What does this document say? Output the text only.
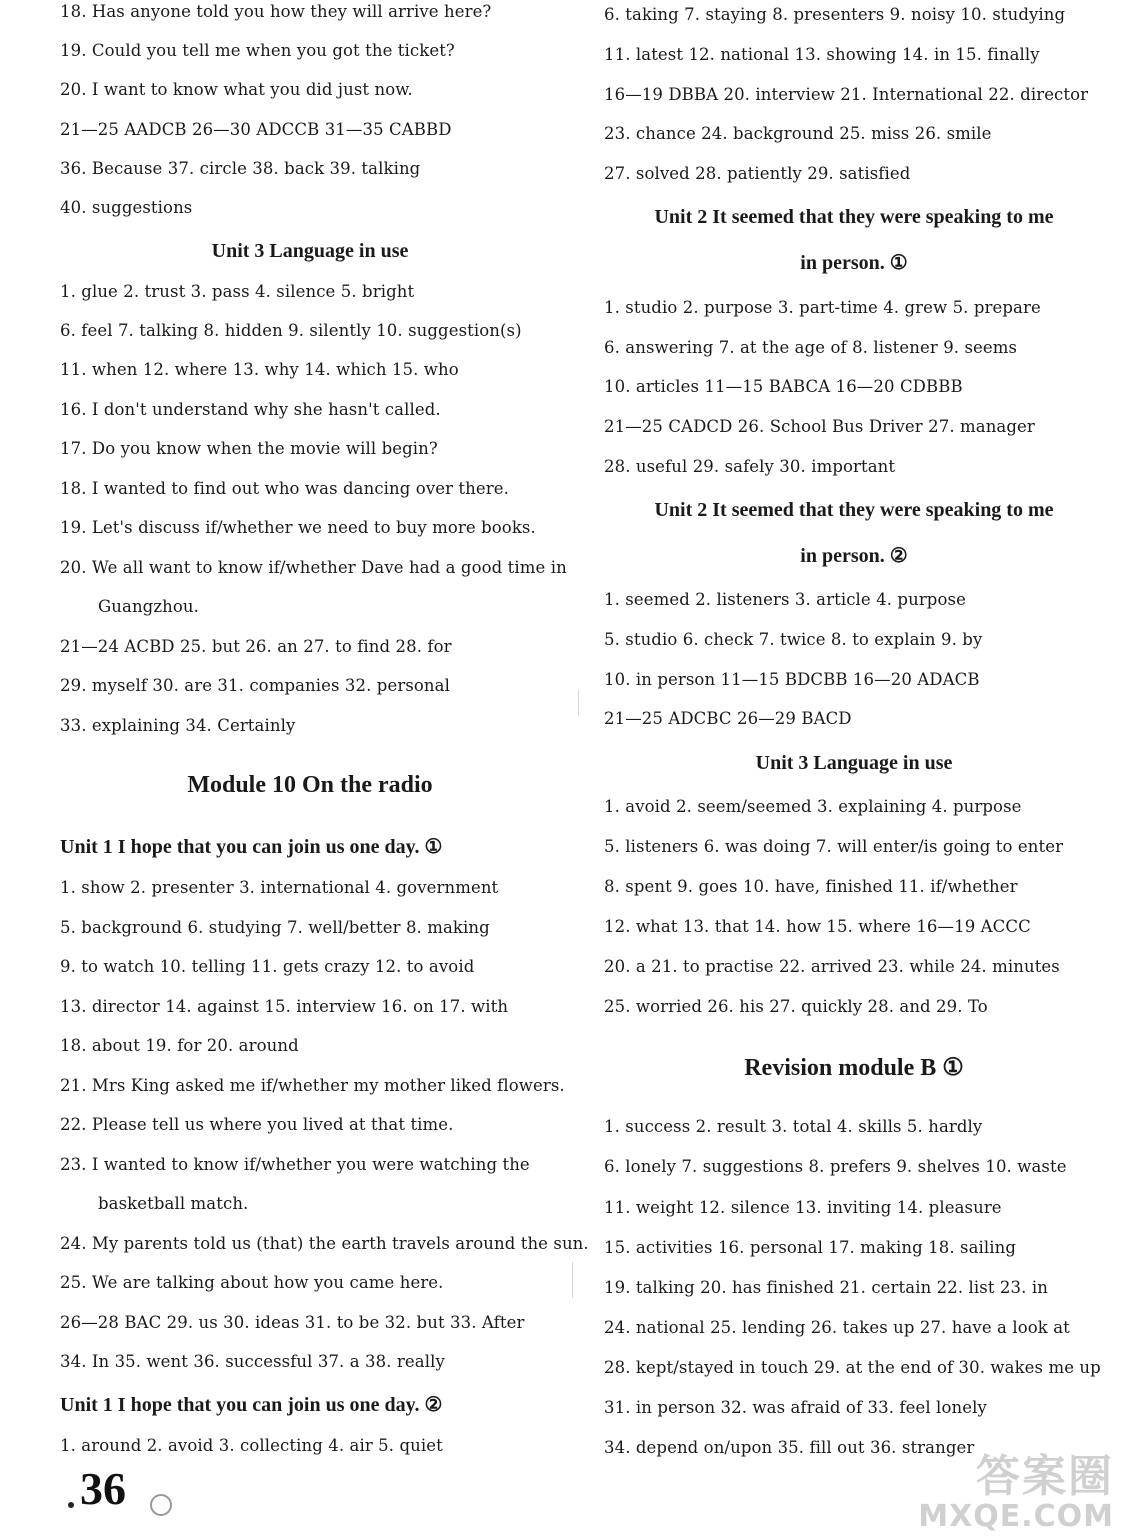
18. Has anyone told you how they will arrive here?
19. Could you tell me when you got the ticket?
20. I want to know what you did just now.
21—25 AADCB 26—30 ADCCB 31—35 CABBD
36. Because 37. circle 38. back 39. talking
40. suggestions
Unit 3 Language in use
1. glue 2. trust 3. pass 4. silence 5. bright
6. feel 7. talking 8. hidden 9. silently 10. suggestion(s)
11. when 12. where 13. why 14. which 15. who
16. I don't understand why she hasn't called.
17. Do you know when the movie will begin?
18. I wanted to find out who was dancing over there.
19. Let's discuss if/whether we need to buy more books.
20. We all want to know if/whether Dave had a good time in
Guangzhou.
21—24 ACBD 25. but 26. an 27. to find 28. for
29. myself 30. are 31. companies 32. personal
33. explaining 34. Certainly
Module 10 On the radio
Unit 1 I hope that you can join us one day. ①
1. show 2. presenter 3. international 4. government
5. background 6. studying 7. well/better 8. making
9. to watch 10. telling 11. gets crazy 12. to avoid
13. director 14. against 15. interview 16. on 17. with
18. about 19. for 20. around
21. Mrs King asked me if/whether my mother liked flowers.
22. Please tell us where you lived at that time.
23. I wanted to know if/whether you were watching the
basketball match.
24. My parents told us (that) the earth travels around the sun.
25. We are talking about how you came here.
26—28 BAC 29. us 30. ideas 31. to be 32. but 33. After
34. In 35. went 36. successful 37. a 38. really
Unit 1 I hope that you can join us one day. ②
1. around 2. avoid 3. collecting 4. air 5. quiet
6. taking 7. staying 8. presenters 9. noisy 10. studying
11. latest 12. national 13. showing 14. in 15. finally
16—19 DBBA 20. interview 21. International 22. director
23. chance 24. background 25. miss 26. smile
27. solved 28. patiently 29. satisfied
Unit 2 It seemed that they were speaking to me
in person. ①
1. studio 2. purpose 3. part-time 4. grew 5. prepare
6. answering 7. at the age of 8. listener 9. seems
10. articles 11—15 BABCA 16—20 CDBBB
21—25 CADCD 26. School Bus Driver 27. manager
28. useful 29. safely 30. important
Unit 2 It seemed that they were speaking to me
in person. ②
1. seemed 2. listeners 3. article 4. purpose
5. studio 6. check 7. twice 8. to explain 9. by
10. in person 11—15 BDCBB 16—20 ADACB
21—25 ADCBC 26—29 BACD
Unit 3 Language in use
1. avoid 2. seem/seemed 3. explaining 4. purpose
5. listeners 6. was doing 7. will enter/is going to enter
8. spent 9. goes 10. have, finished 11. if/whether
12. what 13. that 14. how 15. where 16—19 ACCC
20. a 21. to practise 22. arrived 23. while 24. minutes
25. worried 26. his 27. quickly 28. and 29. To
Revision module B ①
1. success 2. result 3. total 4. skills 5. hardly
6. lonely 7. suggestions 8. prefers 9. shelves 10. waste
11. weight 12. silence 13. inviting 14. pleasure
15. activities 16. personal 17. making 18. sailing
19. talking 20. has finished 21. certain 22. list 23. in
24. national 25. lending 26. takes up 27. have a look at
28. kept/stayed in touch 29. at the end of 30. wakes me up
31. in person 32. was afraid of 33. feel lonely
34. depend on/upon 35. fill out 36. stranger
36	答案圈
MXQE.COM
